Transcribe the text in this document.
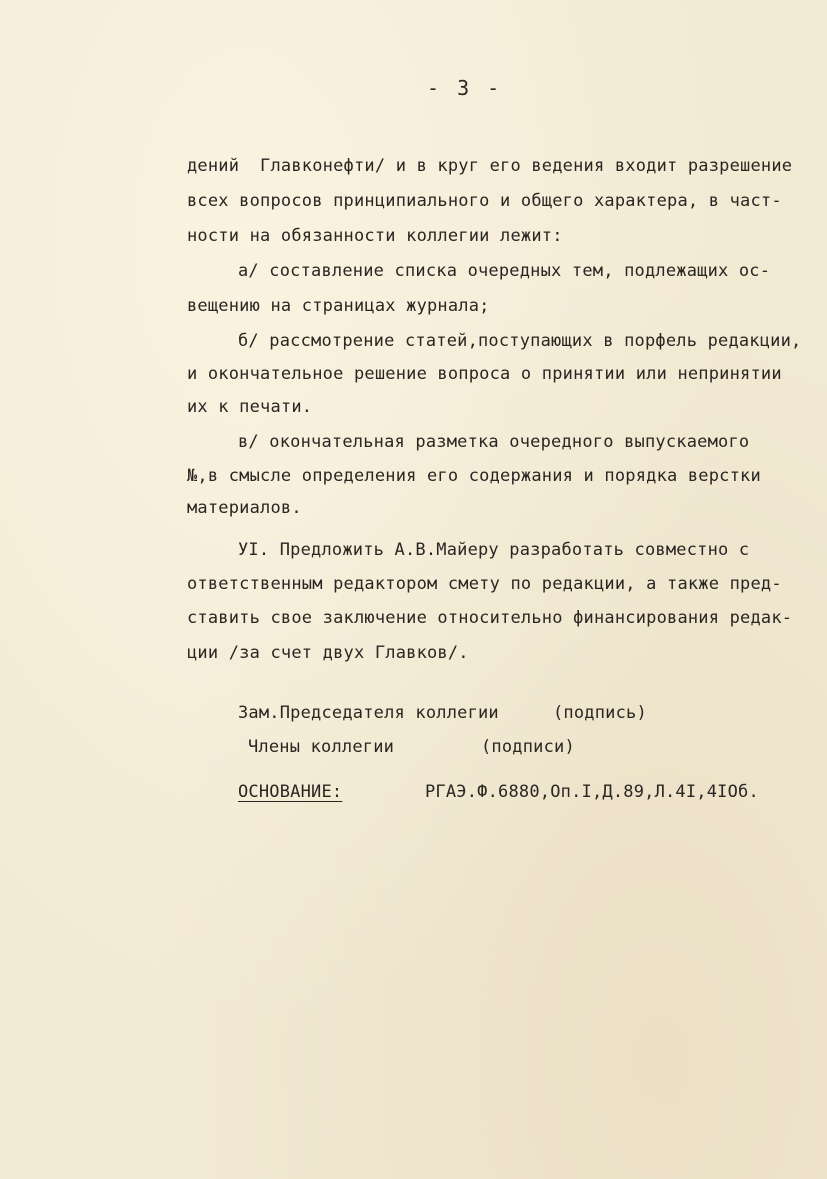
- 3 -
дений  Главконефти/ и в круг его ведения входит разрешение
всех вопросов принципиального и общего характера, в част-
ности на обязанности коллегии лежит:
а/ составление списка очередных тем, подлежащих ос-
вещению на страницах журнала;
б/ рассмотрение статей,поступающих в порфель редакции,
и окончательное решение вопроса о принятии или непринятии
их к печати.
в/ окончательная разметка очередного выпускаемого
№,в смысле определения его содержания и порядка верстки
материалов.
УI. Предложить А.В.Майеру разработать совместно с
ответственным редактором смету по редакции, а также пред-
ставить свое заключение относительно финансирования редак-
ции /за счет двух Главков/.
Зам.Председателя коллегии	(подпись)
Члены коллегии	(подписи)
ОСНОВАНИЕ:	РГАЭ.Ф.6880,Оп.I,Д.89,Л.4I,4IОб.
